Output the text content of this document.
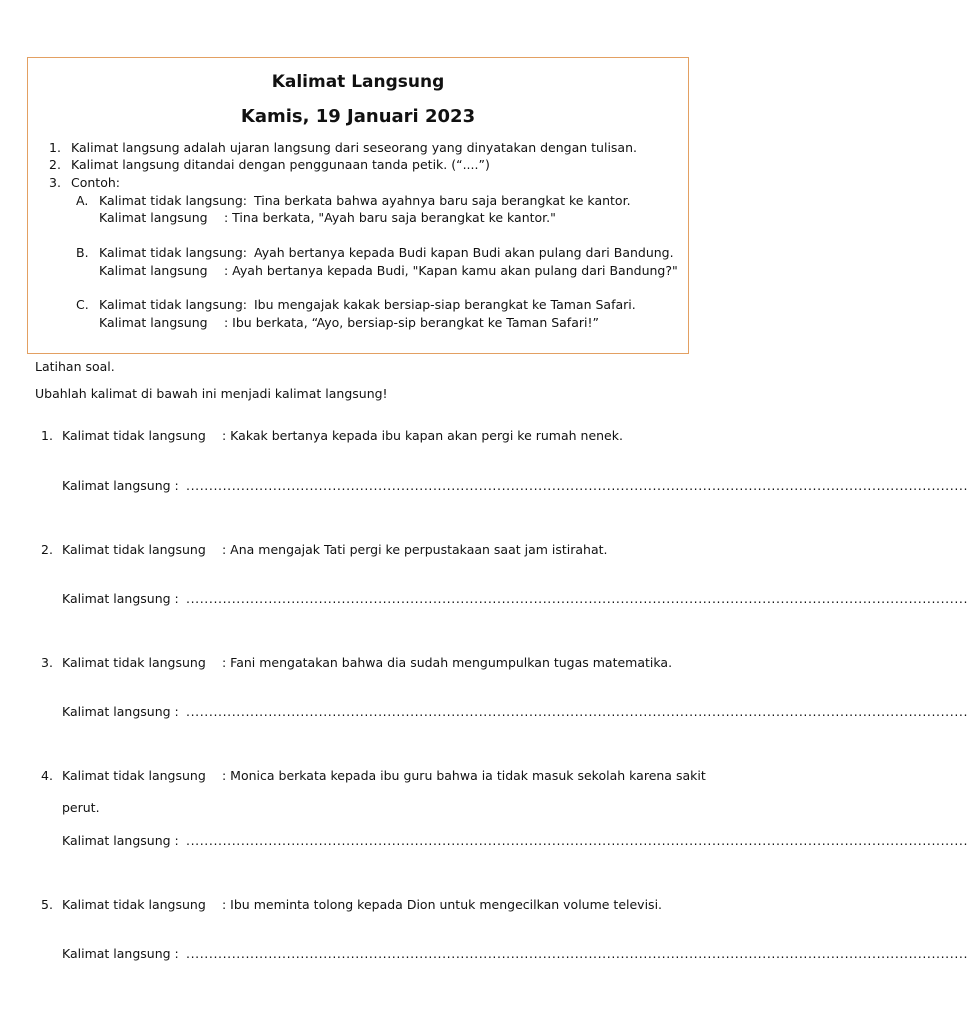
Kalimat Langsung
Kamis, 19 Januari 2023
1. Kalimat langsung adalah ujaran langsung dari seseorang yang dinyatakan dengan tulisan.
2. Kalimat langsung ditandai dengan penggunaan tanda petik. (“....”)
3. Contoh:
A. Kalimat tidak langsung: Tina berkata bahwa ayahnya baru saja berangkat ke kantor.
Kalimat langsung : Tina berkata, "Ayah baru saja berangkat ke kantor."
B. Kalimat tidak langsung: Ayah bertanya kepada Budi kapan Budi akan pulang dari Bandung.
Kalimat langsung : Ayah bertanya kepada Budi, "Kapan kamu akan pulang dari Bandung?"
C. Kalimat tidak langsung: Ibu mengajak kakak bersiap-siap berangkat ke Taman Safari.
Kalimat langsung : Ibu berkata, “Ayo, bersiap-sip berangkat ke Taman Safari!”
Latihan soal.
Ubahlah kalimat di bawah ini menjadi kalimat langsung!
1. Kalimat tidak langsung : Kakak bertanya kepada ibu kapan akan pergi ke rumah nenek.
Kalimat langsung : ...........................................................................................................................................................................
2. Kalimat tidak langsung : Ana mengajak Tati pergi ke perpustakaan saat jam istirahat.
Kalimat langsung : ...........................................................................................................................................................................
3. Kalimat tidak langsung : Fani mengatakan bahwa dia sudah mengumpulkan tugas matematika.
Kalimat langsung : ...........................................................................................................................................................................
4. Kalimat tidak langsung : Monica berkata kepada ibu guru bahwa ia tidak masuk sekolah karena sakit
perut.
Kalimat langsung : ...........................................................................................................................................................................
5. Kalimat tidak langsung : Ibu meminta tolong kepada Dion untuk mengecilkan volume televisi.
Kalimat langsung : ...........................................................................................................................................................................
